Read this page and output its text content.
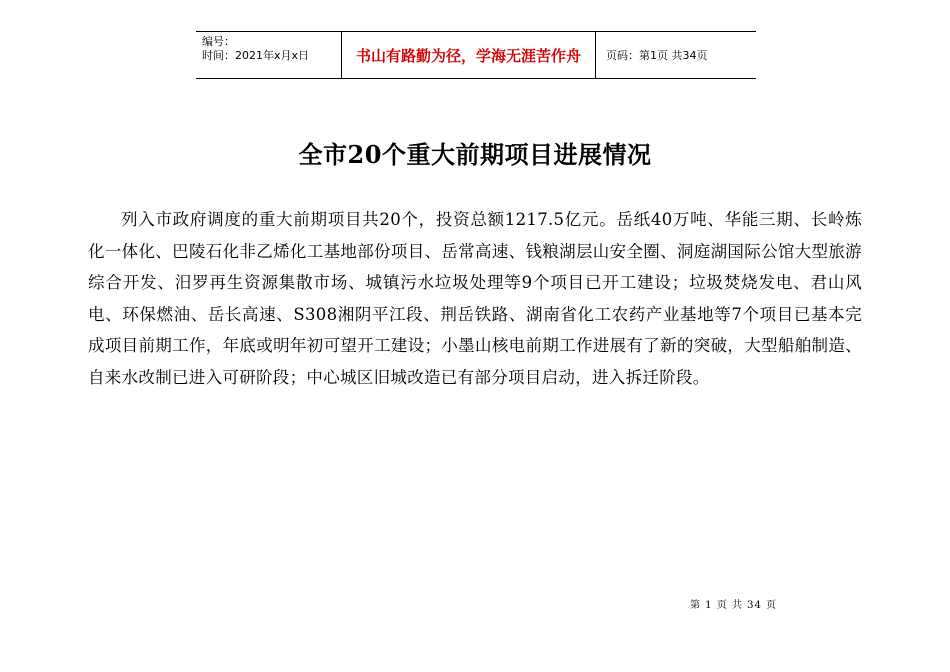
编号：
时间：2021年x月x日	书山有路勤为径，学海无涯苦作舟	页码：第1页 共34页
全市20个重大前期项目进展情况
列入市政府调度的重大前期项目共20个，投资总额1217.5亿元。岳纸40万吨、华能三期、长岭炼化一体化、巴陵石化非乙烯化工基地部份项目、岳常高速、钱粮湖层山安全圈、洞庭湖国际公馆大型旅游综合开发、汨罗再生资源集散市场、城镇污水垃圾处理等9个项目已开工建设；垃圾焚烧发电、君山风电、环保燃油、岳长高速、S308湘阴平江段、荆岳铁路、湖南省化工农药产业基地等7个项目已基本完成项目前期工作，年底或明年初可望开工建设；小墨山核电前期工作进展有了新的突破，大型船舶制造、自来水改制已进入可研阶段；中心城区旧城改造已有部分项目启动，进入拆迁阶段。
第 1 页 共 34 页
